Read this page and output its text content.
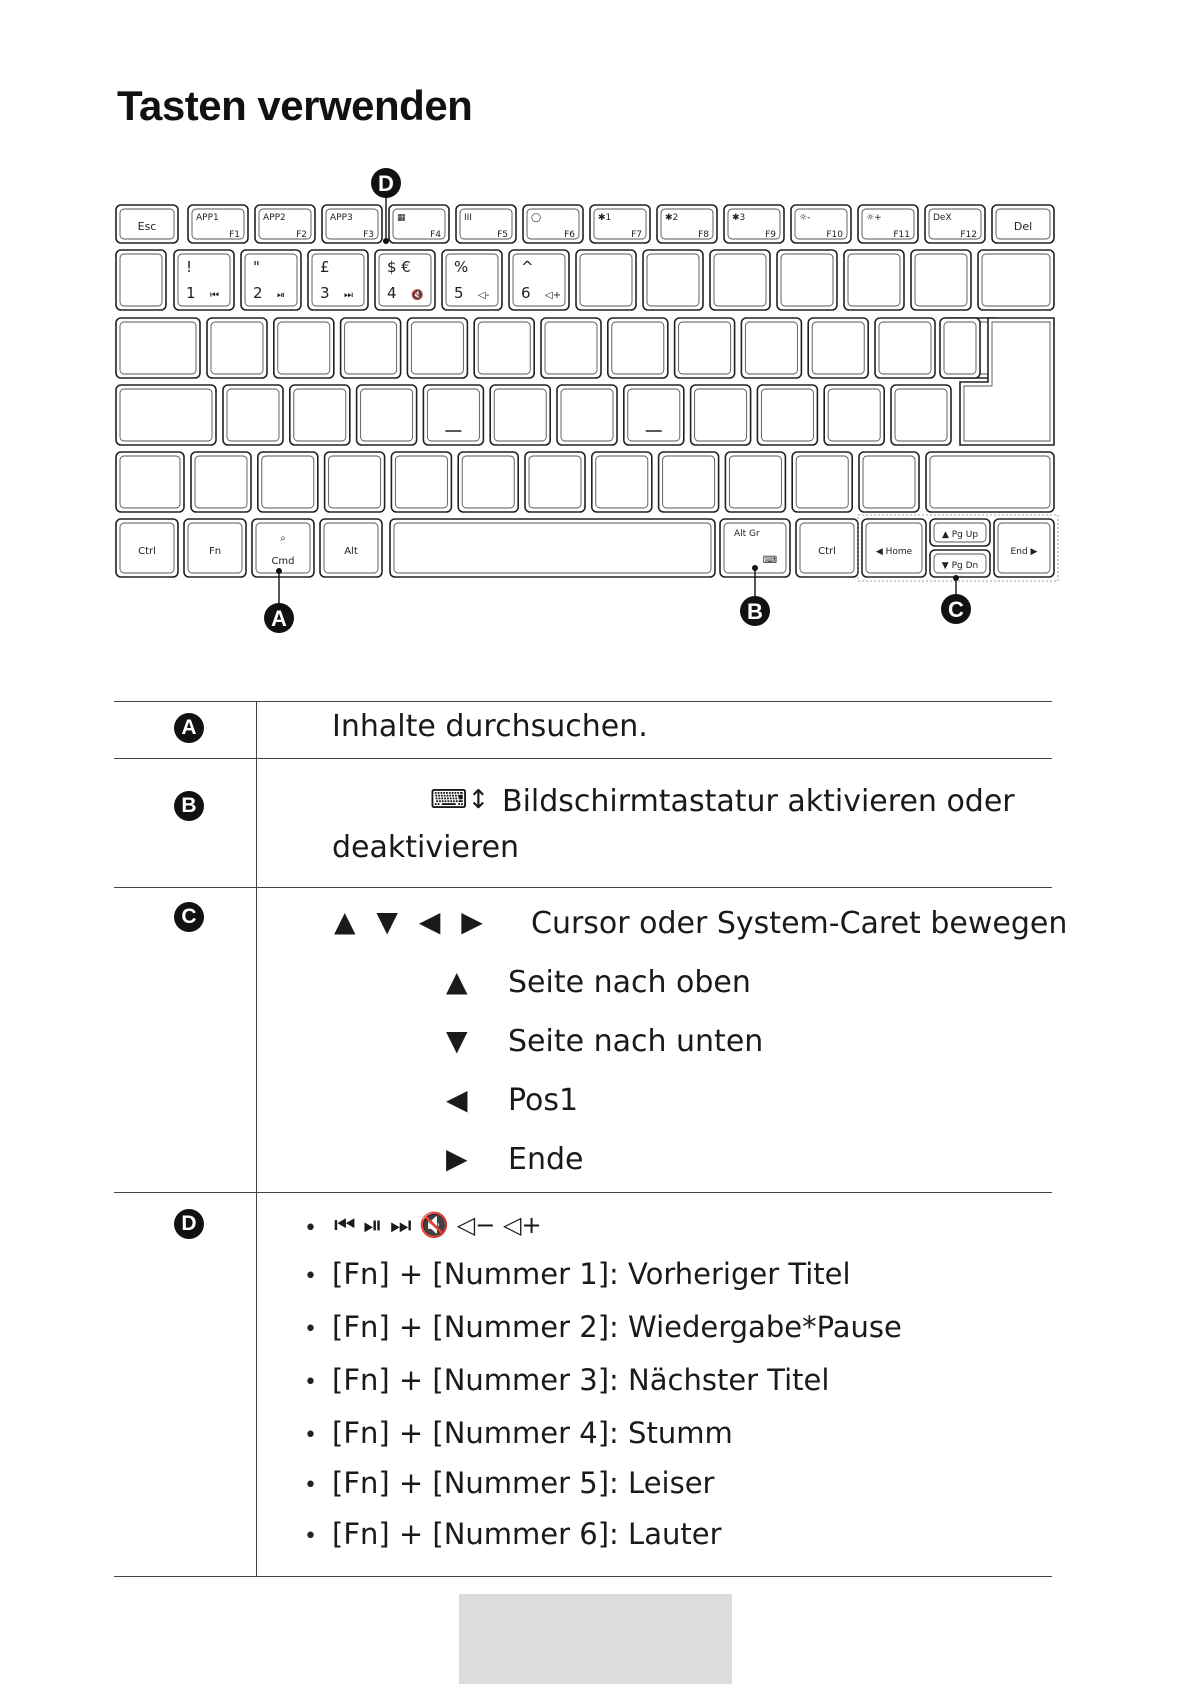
Tasten verwenden
Esc
APP1
F1
APP2
F2
APP3
F3
▦
F4
III
F5
◯
F6
✱1
F7
✱2
F8
✱3
F9
☼-
F10
☼+
F11
DeX
F12
Del
!
1 ⏮
"
2 ⏯
£
3 ⏭
$ €
4 🔇
%
5 ◁-
^
6 ◁+
Ctrl	Fn
⌕
Cmd
Alt
Alt Gr
⌨
Ctrl	◀ Home
▲ Pg Up
▼ Pg Dn
End ▶
D
A	B	C
A	Inhalte durchsuchen.
B	⌨↕ Bildschirmtastatur aktivieren oder
deaktivieren
C	▲ ▼ ◀ ▶ Cursor oder System-Caret bewegen
▲ Seite nach oben
▼ Seite nach unten
◀ Pos1
▶ Ende
D	• ⏮ ⏯ ⏭ 🔇 ◁− ◁+
• [Fn] + [Nummer 1]: Vorheriger Titel
• [Fn] + [Nummer 2]: Wiedergabe*Pause
• [Fn] + [Nummer 3]: Nächster Titel
• [Fn] + [Nummer 4]: Stumm
• [Fn] + [Nummer 5]: Leiser
• [Fn] + [Nummer 6]: Lauter
